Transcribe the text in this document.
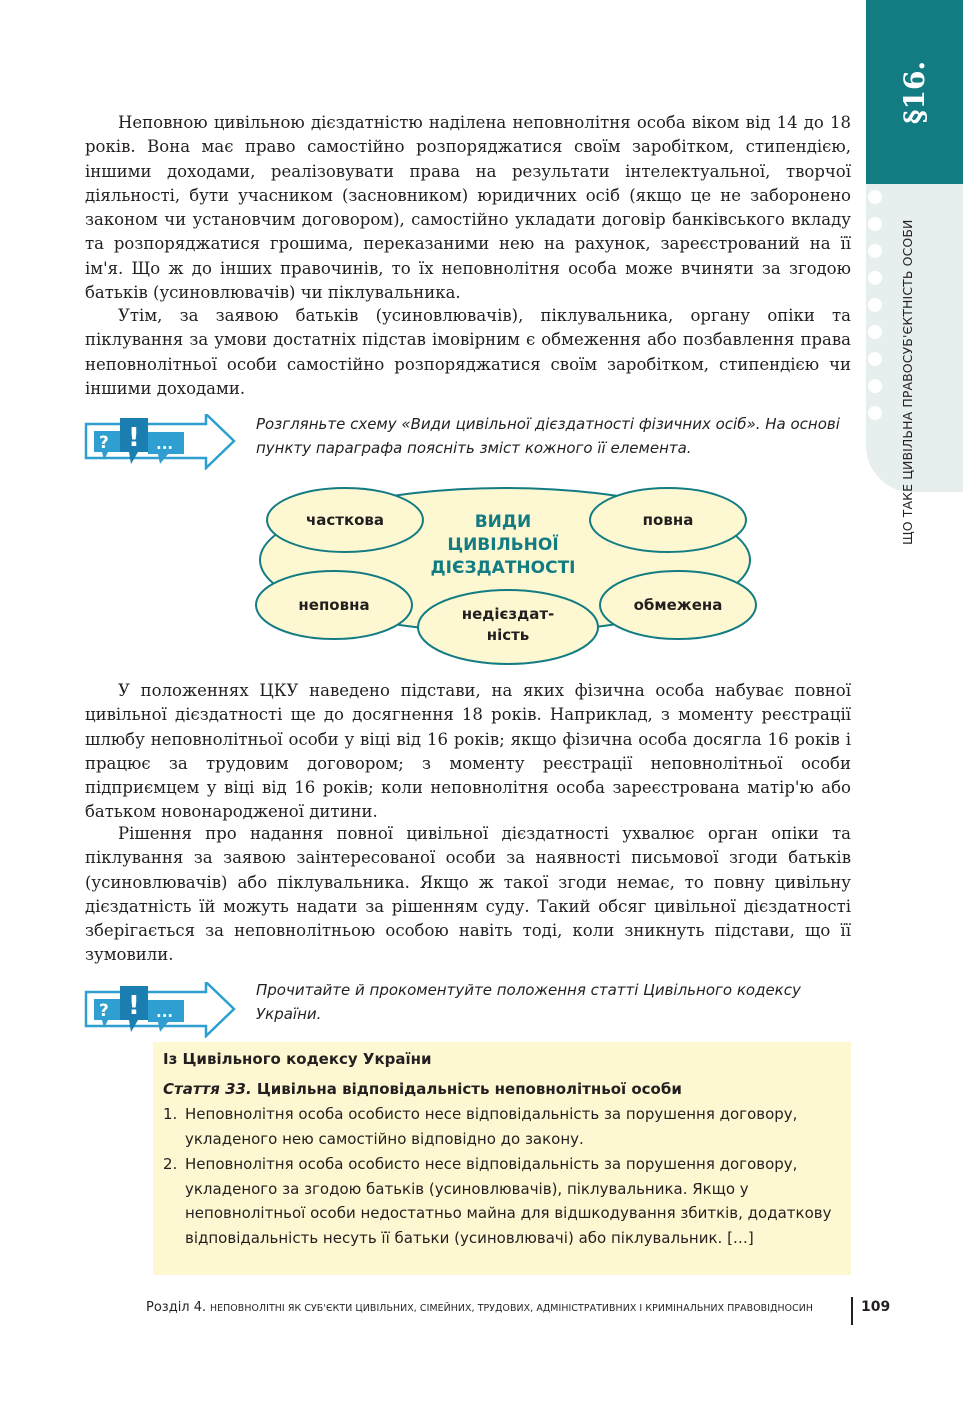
§16.
ЩО ТАКЕ ЦИВІЛЬНА ПРАВОСУБ'ЄКТНІСТЬ ОСОБИ

Неповною цивільною дієздатністю наділена неповнолітня особа віком від 14 до 18 років. Вона має право самостійно розпоряджатися своїм заробітком, стипендією, іншими доходами, реалізовувати права на результати інтелектуальної, творчої діяльності, бути учасником (засновником) юридичних осіб (якщо це не заборонено законом чи установчим договором), самостійно укладати договір банківського вкладу та розпоряджатися грошима, переказаними нею на рахунок, зареєстрований на її ім'я. Що ж до інших правочинів, то їх неповнолітня особа може вчиняти за згодою батьків (усиновлювачів) чи піклувальника.

Утім, за заявою батьків (усиновлювачів), піклувальника, органу опіки та піклування за умови достатніх підстав імовірним є обмеження або позбавлення права неповнолітньої особи самостійно розпоряджатися своїм заробітком, стипендією чи іншими доходами.

? ! ...

Розгляньте схему «Види цивільної дієздатності фізичних осіб». На основі пункту параграфа поясніть зміст кожного її елемента.

ВИДИ
ЦИВІЛЬНОЇ
ДІЄЗДАТНОСТІ
часткова	повна
неповна	обмежена
недієздат-
ність

У положеннях ЦКУ наведено підстави, на яких фізична особа набуває повної цивільної дієздатності ще до досягнення 18 років. Наприклад, з моменту реєстрації шлюбу неповнолітньої особи у віці від 16 років; якщо фізична особа досягла 16 років і працює за трудовим договором; з моменту реєстрації неповнолітньої особи підприємцем у віці від 16 років; коли неповнолітня особа зареєстрована матір'ю або батьком новонародженої дитини.

Рішення про надання повної цивільної дієздатності ухвалює орган опіки та піклування за заявою заінтересованої особи за наявності письмової згоди батьків (усиновлювачів) або піклувальника. Якщо ж такої згоди немає, то повну цивільну дієздатність їй можуть надати за рішенням суду. Такий обсяг цивільної дієздатності зберігається за неповнолітньою особою навіть тоді, коли зникнуть підстави, що її зумовили.

? ! ...

Прочитайте й прокоментуйте положення статті Цивільного кодексу України.

Із Цивільного кодексу України

Стаття 33. Цивільна відповідальність неповнолітньої особи

1. Неповнолітня особа особисто несе відповідальність за порушення договору, укладеного нею самостійно відповідно до закону.
2. Неповнолітня особа особисто несе відповідальність за порушення договору, укладеного за згодою батьків (усиновлювачів), піклувальника. Якщо у неповнолітньої особи недостатньо майна для відшкодування збитків, додаткову відповідальність несуть її батьки (усиновлювачі) або піклувальник. […]
Розділ 4. НЕПОВНОЛІТНІ ЯК СУБ'ЄКТИ ЦИВІЛЬНИХ, СІМЕЙНИХ, ТРУДОВИХ, АДМІНІСТРАТИВНИХ І КРИМІНАЛЬНИХ ПРАВОВІДНОСИН	109
